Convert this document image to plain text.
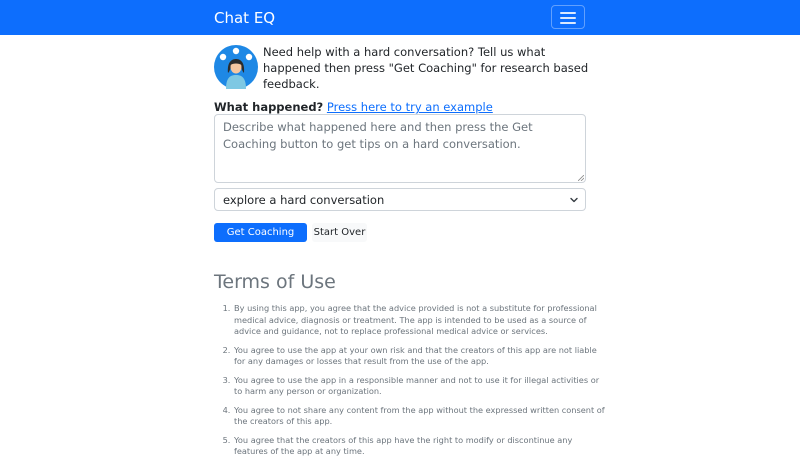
Chat EQ
Need help with a hard conversation? Tell us what happened then press "Get Coaching" for research based feedback.
What happened? Press here to try an example
Describe what happened here and then press the Get Coaching button to get tips on a hard conversation.
explore a hard conversation
Get Coaching	Start Over
Terms of Use
1. By using this app, you agree that the advice provided is not a substitute for professional medical advice, diagnosis or treatment. The app is intended to be used as a source of advice and guidance, not to replace professional medical advice or services.
2. You agree to use the app at your own risk and that the creators of this app are not liable for any damages or losses that result from the use of the app.
3. You agree to use the app in a responsible manner and not to use it for illegal activities or to harm any person or organization.
4. You agree to not share any content from the app without the expressed written consent of the creators of this app.
5. You agree that the creators of this app have the right to modify or discontinue any features of the app at any time.
